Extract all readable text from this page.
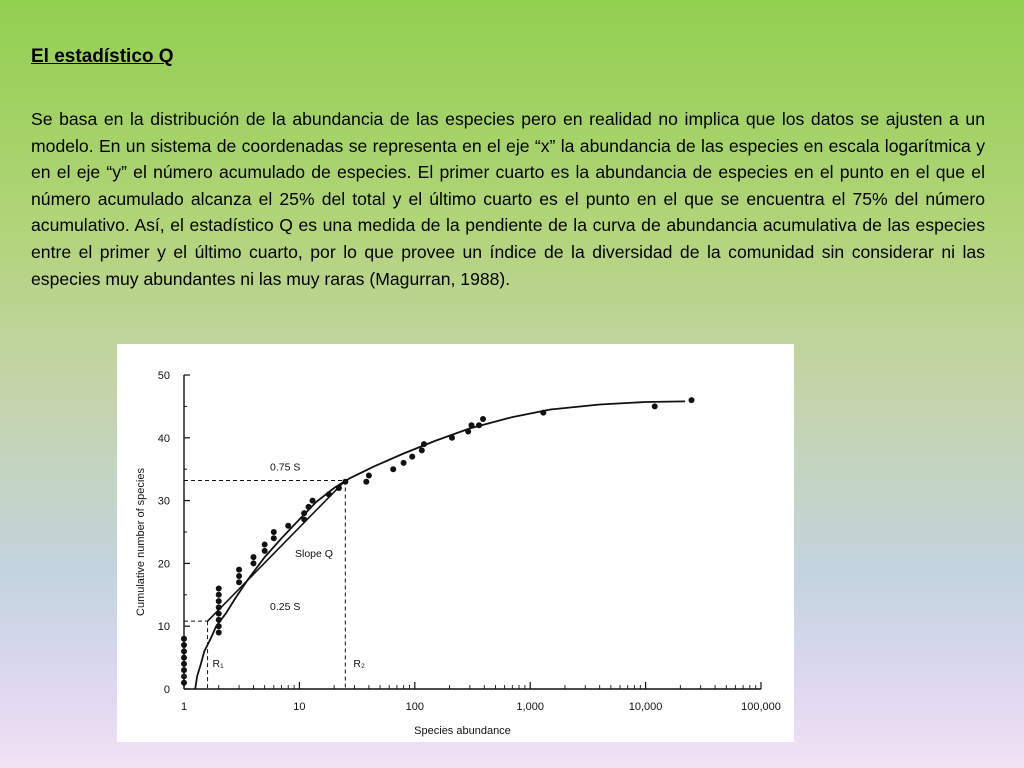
El estadístico Q
Se basa en la distribución de la abundancia de las especies pero en realidad no implica que los datos se ajusten a un modelo. En un sistema de coordenadas se representa en el eje “x” la abundancia de las especies en escala logarítmica y en el eje “y” el número acumulado de especies. El primer cuarto es la abundancia de especies en el punto en el que el número acumulado alcanza el 25% del total y el último cuarto es el punto en el que se encuentra el 75% del número acumulativo. Así, el estadístico Q es una medida de la pendiente de la curva de abundancia acumulativa de las especies entre el primer y el último cuarto, por lo que provee un índice de la diversidad de la comunidad sin considerar ni las especies muy abundantes ni las muy raras (Magurran, 1988).
0
10
20
30
40
50
1	10	100	1,000	10,000	100,000
Species abundance
Cumulative number of species
0.75 S
0.25 S
R₁	R₂
Slope Q
